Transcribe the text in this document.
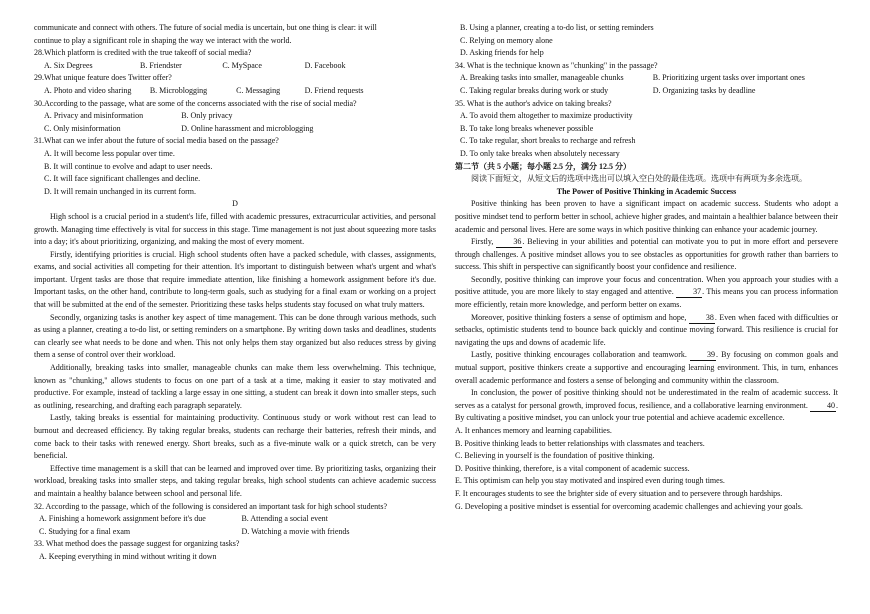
communicate and connect with others. The future of social media is uncertain, but one thing is clear: it will
continue to play a significant role in shaping the way we interact with the world.
28.Which platform is credited with the true takeoff of social media?
A. Six Degrees	B. Friendster	C. MySpace	D. Facebook
29.What unique feature does Twitter offer?
A. Photo and video sharing	B. Microblogging	C. Messaging	D. Friend requests
30.According to the passage, what are some of the concerns associated with the rise of social media?
A. Privacy and misinformation	B. Only privacy
C. Only misinformation	D. Online harassment and microblogging
31.What can we infer about the future of social media based on the passage?
A. It will become less popular over time.
B. It will continue to evolve and adapt to user needs.
C. It will face significant challenges and decline.
D. It will remain unchanged in its current form.
D
High school is a crucial period in a student's life, filled with academic pressures, extracurricular activities, and personal growth. Managing time effectively is vital for success in this stage. Time management is not just about squeezing more tasks into a day; it's about prioritizing, organizing, and making the most of every moment.
Firstly, identifying priorities is crucial. High school students often have a packed schedule, with classes, assignments, exams, and social activities all competing for their attention. It's important to distinguish between what's urgent and what's important. Urgent tasks are those that require immediate attention, like finishing a homework assignment before it's due. Important tasks, on the other hand, contribute to long-term goals, such as studying for a final exam or working on a project that will be submitted at the end of the semester. Prioritizing these tasks helps students stay focused on what truly matters.
Secondly, organizing tasks is another key aspect of time management. This can be done through various methods, such as using a planner, creating a to-do list, or setting reminders on a smartphone. By writing down tasks and deadlines, students can clearly see what needs to be done and when. This not only helps them stay organized but also reduces stress by giving them a sense of control over their workload.
Additionally, breaking tasks into smaller, manageable chunks can make them less overwhelming. This technique, known as "chunking," allows students to focus on one part of a task at a time, making it easier to stay motivated and productive. For example, instead of tackling a large essay in one sitting, a student can break it down into smaller steps, such as outlining, researching, and drafting each paragraph separately.
Lastly, taking breaks is essential for maintaining productivity. Continuous study or work without rest can lead to burnout and decreased efficiency. By taking regular breaks, students can recharge their batteries, refresh their minds, and come back to their tasks with renewed energy. Short breaks, such as a five-minute walk or a quick stretch, can be very beneficial.
Effective time management is a skill that can be learned and improved over time. By prioritizing tasks, organizing their workload, breaking tasks into smaller steps, and taking regular breaks, high school students can achieve academic success and maintain a healthy balance between school and personal life.
32. According to the passage, which of the following is considered an important task for high school students?
A. Finishing a homework assignment before it's due	B. Attending a social event
C. Studying for a final exam	D. Watching a movie with friends
33. What method does the passage suggest for organizing tasks?
A. Keeping everything in mind without writing it down
B. Using a planner, creating a to-do list, or setting reminders
C. Relying on memory alone
D. Asking friends for help
34. What is the technique known as "chunking" in the passage?
A. Breaking tasks into smaller, manageable chunks	B. Prioritizing urgent tasks over important ones
C. Taking regular breaks during work or study	D. Organizing tasks by deadline
35. What is the author's advice on taking breaks?
A. To avoid them altogether to maximize productivity
B. To take long breaks whenever possible
C. To take regular, short breaks to recharge and refresh
D. To only take breaks when absolutely necessary
第二节（共 5 小题；每小题 2.5 分，满分 12.5 分）
阅读下面短文，从短文后的选项中选出可以填入空白处的最佳选项。选项中有两项为多余选项。
The Power of Positive Thinking in Academic Success
Positive thinking has been proven to have a significant impact on academic success. Students who adopt a positive mindset tend to perform better in school, achieve higher grades, and maintain a healthier balance between their academic and personal lives. Here are some ways in which positive thinking can enhance your academic journey.
Firstly, 36. Believing in your abilities and potential can motivate you to put in more effort and persevere through challenges. A positive mindset allows you to see obstacles as opportunities for growth rather than barriers to success. This shift in perspective can significantly boost your confidence and resilience.
Secondly, positive thinking can improve your focus and concentration. When you approach your studies with a positive attitude, you are more likely to stay engaged and attentive. 37. This means you can process information more efficiently, retain more knowledge, and perform better on exams.
Moreover, positive thinking fosters a sense of optimism and hope, 38. Even when faced with difficulties or setbacks, optimistic students tend to bounce back quickly and continue moving forward. This resilience is crucial for navigating the ups and downs of academic life.
Lastly, positive thinking encourages collaboration and teamwork.	39. By focusing on common goals and mutual support, positive thinkers create a supportive and encouraging learning environment. This, in turn, enhances overall academic performance and fosters a sense of belonging and community within the classroom.
In conclusion, the power of positive thinking should not be underestimated in the realm of academic success. It serves as a catalyst for personal growth, improved focus, resilience, and a collaborative learning environment. 40. By cultivating a positive mindset, you can unlock your true potential and achieve academic excellence.
A. It enhances memory and learning capabilities.
B. Positive thinking leads to better relationships with classmates and teachers.
C. Believing in yourself is the foundation of positive thinking.
D. Positive thinking, therefore, is a vital component of academic success.
E. This optimism can help you stay motivated and inspired even during tough times.
F. It encourages students to see the brighter side of every situation and to persevere through hardships.
G. Developing a positive mindset is essential for overcoming academic challenges and achieving your goals.
